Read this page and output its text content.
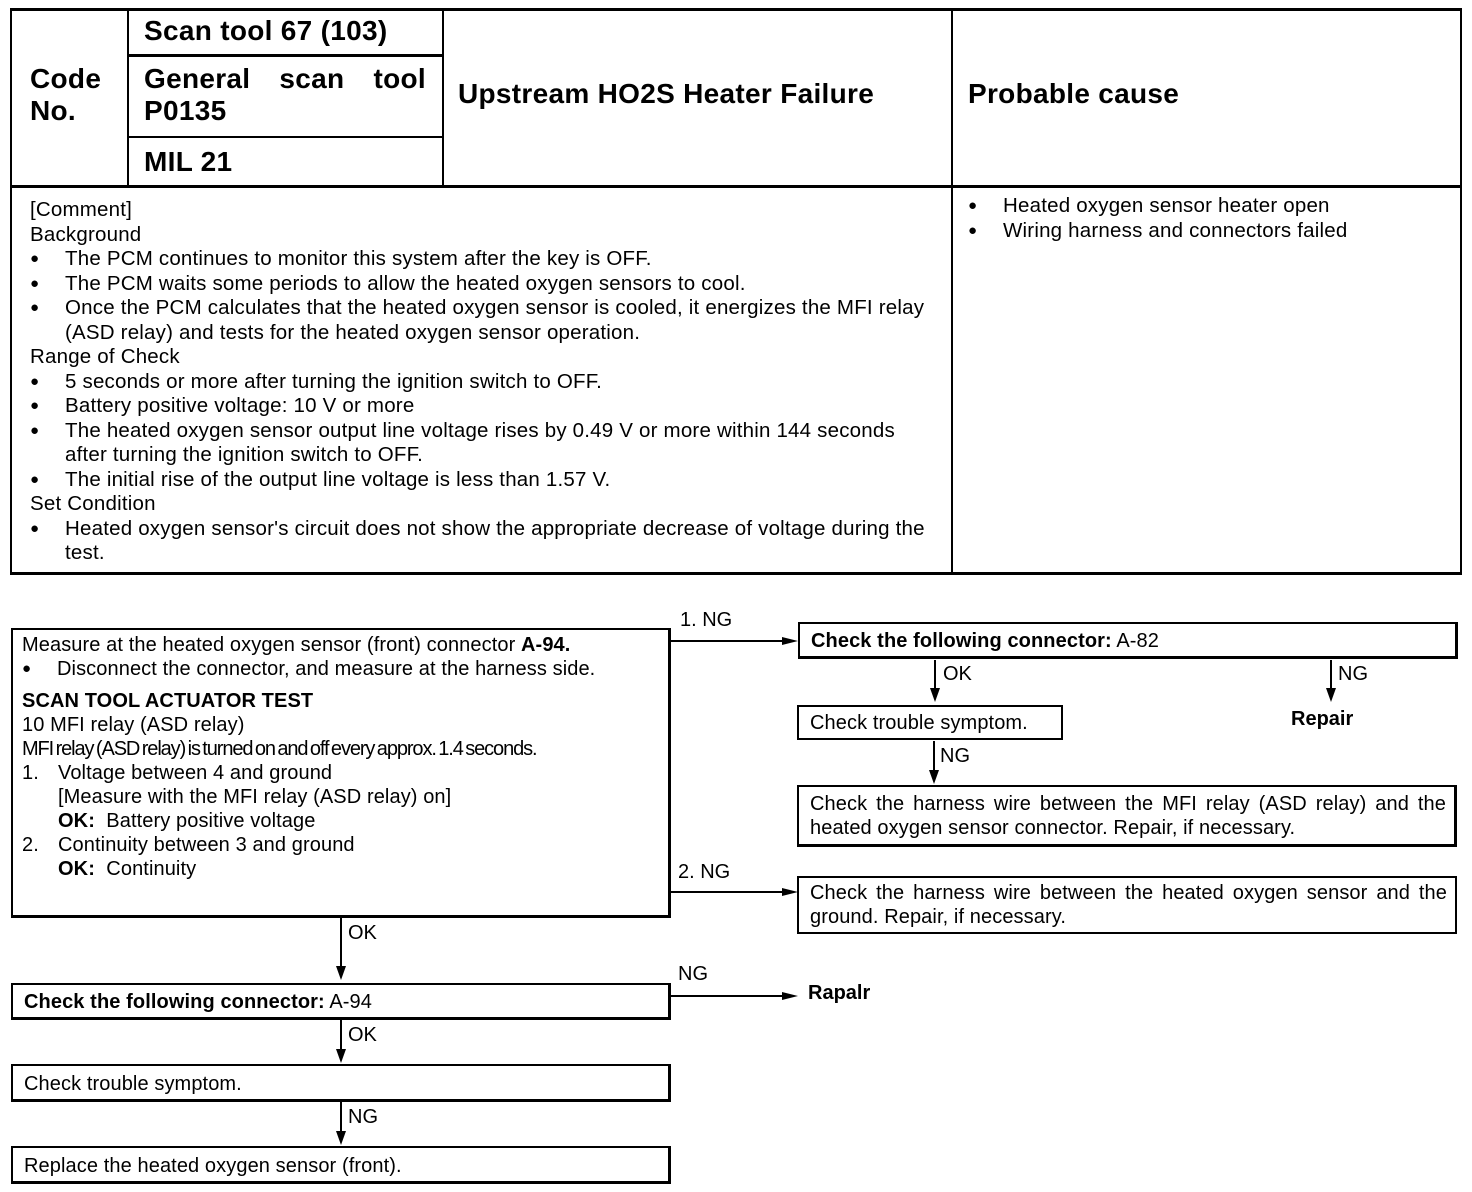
Code No.
Scan tool 67 (103)
General scan tool P0135
MIL 21
Upstream HO2S Heater Failure	Probable cause
[Comment]
Background
● The PCM continues to monitor this system after the key is OFF.
● The PCM waits some periods to allow the heated oxygen sensors to cool.
● Once the PCM calculates that the heated oxygen sensor is cooled, it energizes the MFI relay (ASD relay) and tests for the heated oxygen sensor operation.
Range of Check
● 5 seconds or more after turning the ignition switch to OFF.
● Battery positive voltage: 10 V or more
● The heated oxygen sensor output line voltage rises by 0.49 V or more within 144 seconds after turning the ignition switch to OFF.
● The initial rise of the output line voltage is less than 1.57 V.
Set Condition
● Heated oxygen sensor's circuit does not show the appropriate decrease of voltage during the test.
● Heated oxygen sensor heater open
● Wiring harness and connectors failed
Measure at the heated oxygen sensor (front) connector A-94.
● Disconnect the connector, and measure at the harness side.
SCAN TOOL ACTUATOR TEST
10 MFI relay (ASD relay)
MFI relay (ASD relay) is turned on and off every approx. 1.4 seconds.
1. Voltage between 4 and ground
[Measure with the MFI relay (ASD relay) on]
OK: Battery positive voltage
2. Continuity between 3 and ground
OK: Continuity
1. NG
2. NG
Check the following connector: A-82
OK	NG
Repair
Check trouble symptom.
NG
Check the harness wire between the MFI relay (ASD relay) and the heated oxygen sensor connector. Repair, if necessary.
Check the harness wire between the heated oxygen sensor and the ground. Repair, if necessary.
OK
Check the following connector: A-94
NG
Rapalr
OK
Check trouble symptom.
NG
Replace the heated oxygen sensor (front).
